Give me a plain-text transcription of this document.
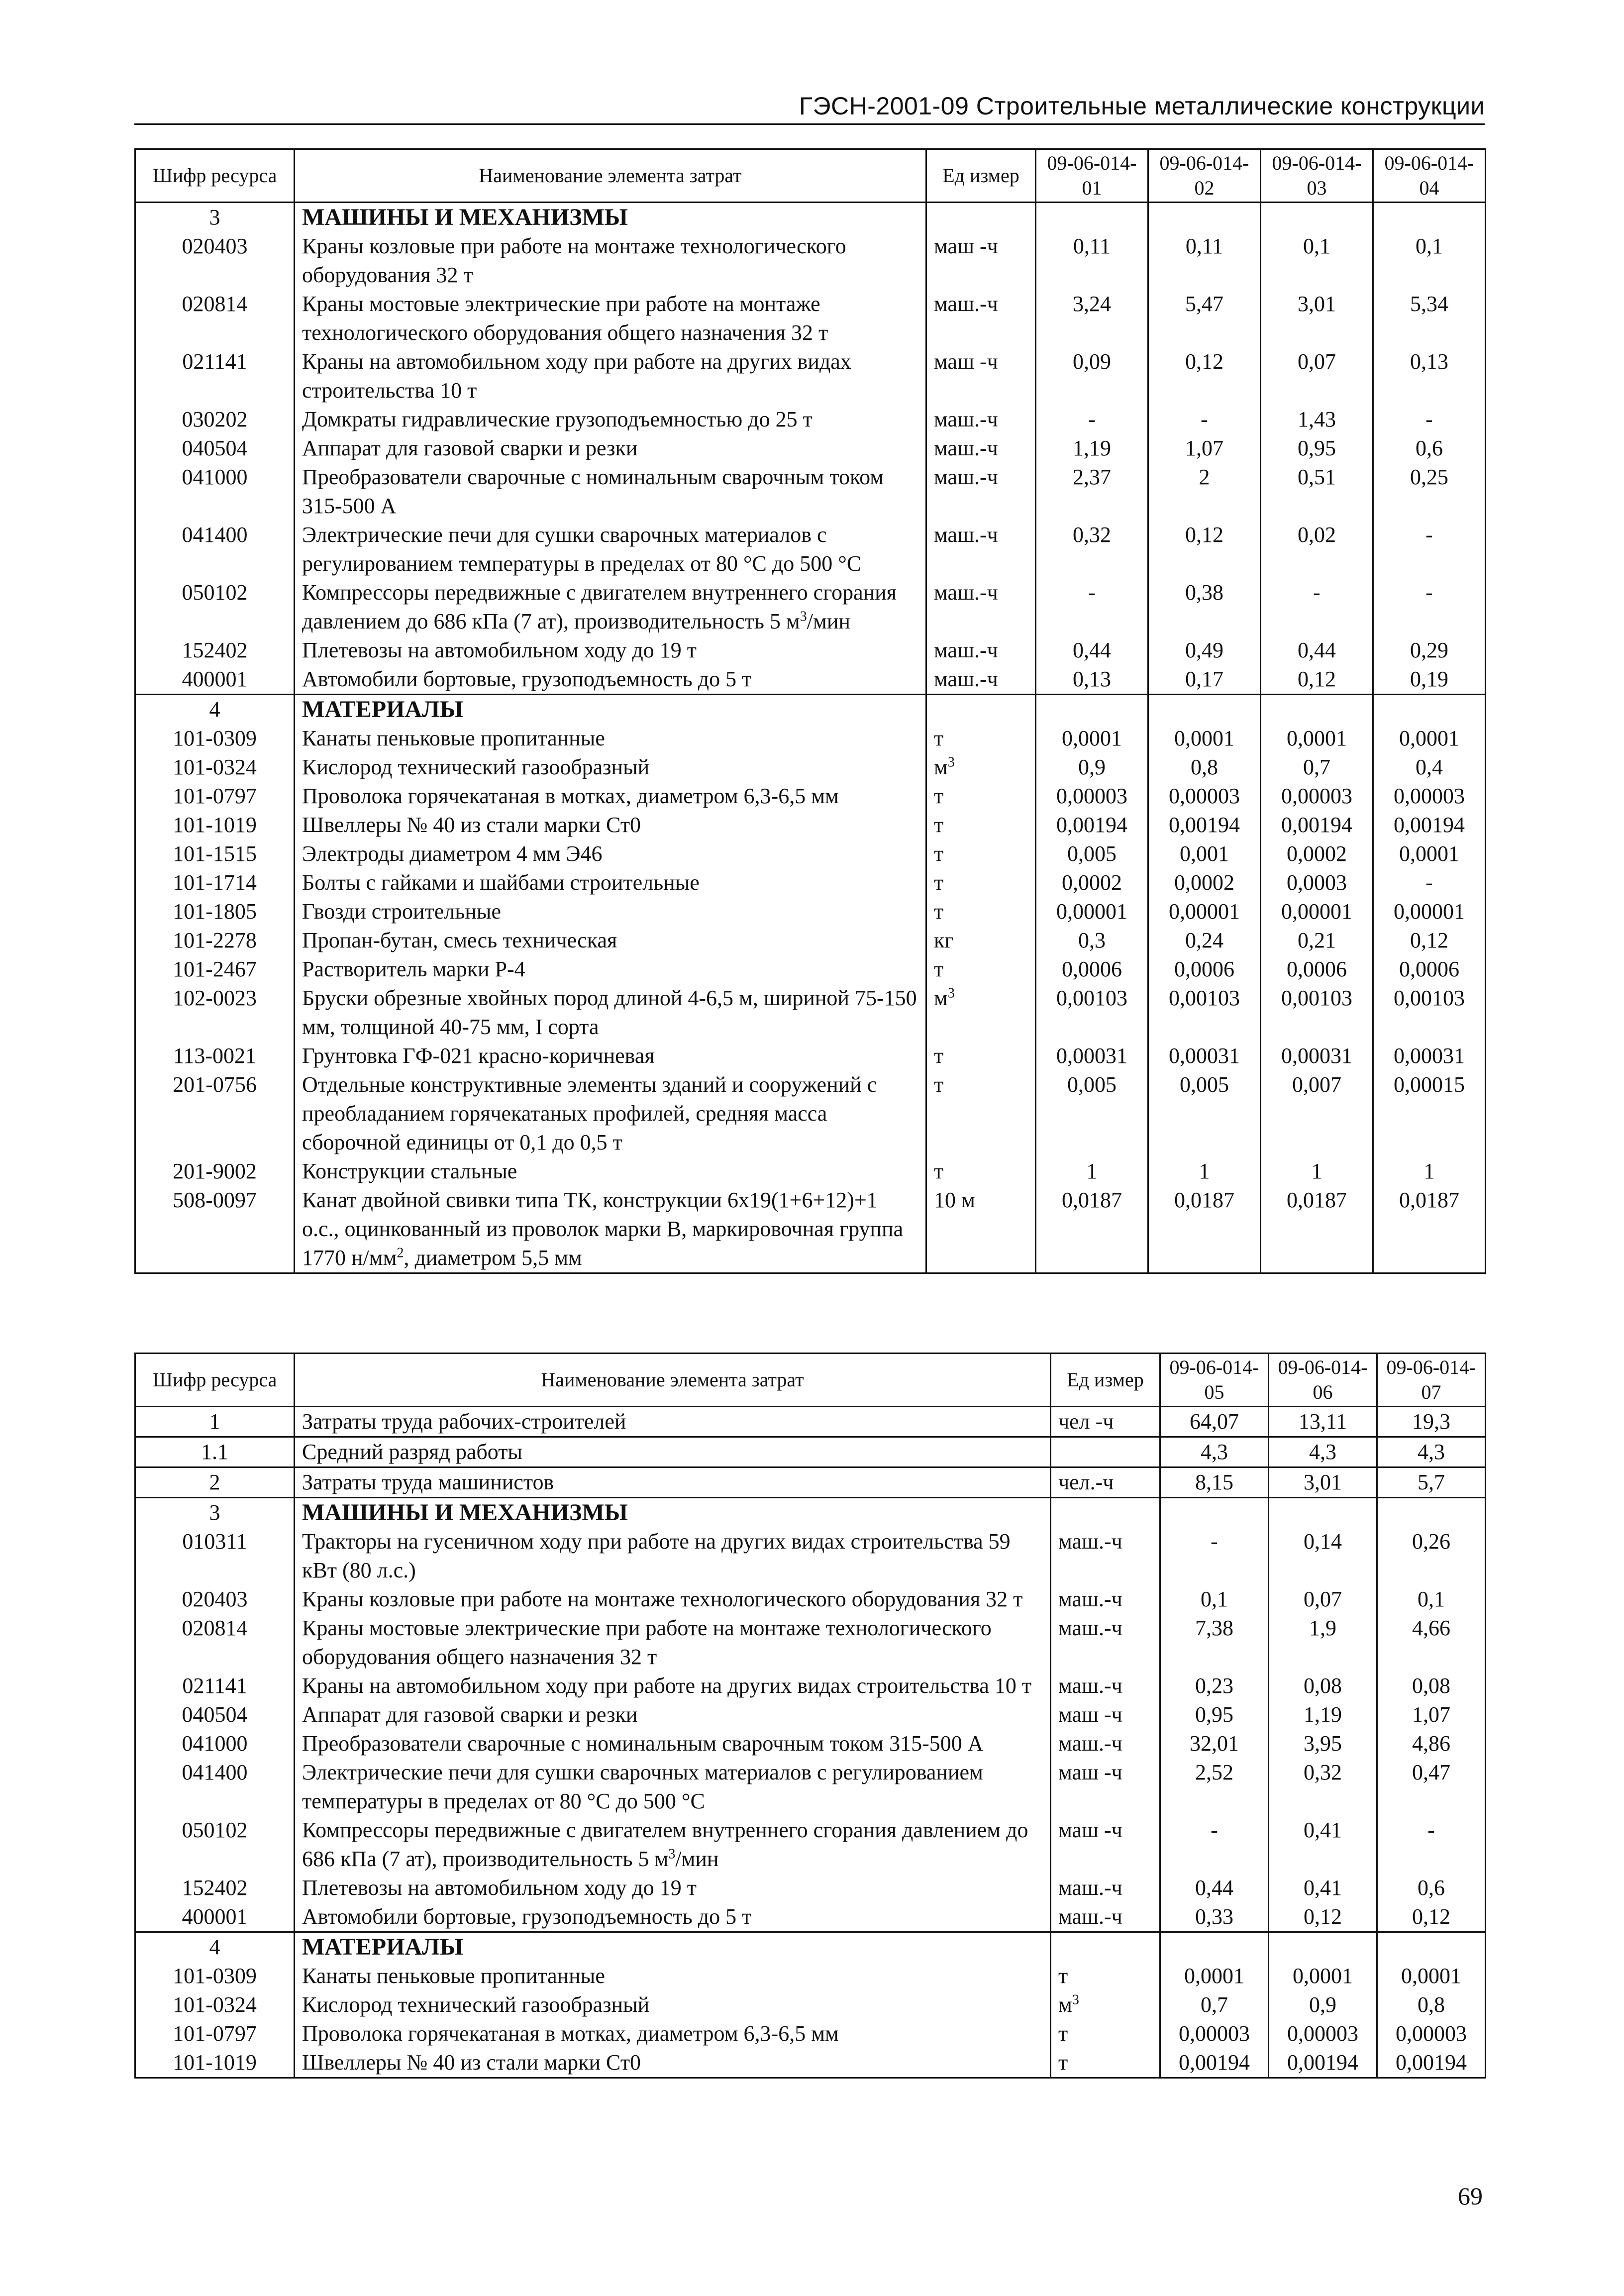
ГЭСН-2001-09 Строительные металлические конструкции
Шифр ресурса	Наименование элемента затрат	Ед измер	09-06-014-01	09-06-014-02	09-06-014-03	09-06-014-04
3	МАШИНЫ И МЕХАНИЗМЫ					
020403	Краны козловые при работе на монтаже технологического оборудования 32 т	маш -ч	0,11	0,11	0,1	0,1
020814	Краны мостовые электрические при работе на монтаже технологического оборудования общего назначения 32 т	маш.-ч	3,24	5,47	3,01	5,34
021141	Краны на автомобильном ходу при работе на других видах строительства 10 т	маш -ч	0,09	0,12	0,07	0,13
030202	Домкраты гидравлические грузоподъемностью до 25 т	маш.-ч	-	-	1,43	-
040504	Аппарат для газовой сварки и резки	маш.-ч	1,19	1,07	0,95	0,6
041000	Преобразователи сварочные с номинальным сварочным током 315-500 А	маш.-ч	2,37	2	0,51	0,25
041400	Электрические печи для сушки сварочных материалов с регулированием температуры в пределах от 80 °С до 500 °С	маш.-ч	0,32	0,12	0,02	-
050102	Компрессоры передвижные с двигателем внутреннего сгорания давлением до 686 кПа (7 ат), производительность 5 $м^3$/мин	маш.-ч	-	0,38	-	-
152402	Плетевозы на автомобильном ходу до 19 т	маш.-ч	0,44	0,49	0,44	0,29
400001	Автомобили бортовые, грузоподъемность до 5 т	маш.-ч	0,13	0,17	0,12	0,19
4	МАТЕРИАЛЫ					
101-0309	Канаты пеньковые пропитанные	т	0,0001	0,0001	0,0001	0,0001
101-0324	Кислород технический газообразный	$м^3$	0,9	0,8	0,7	0,4
101-0797	Проволока горячекатаная в мотках, диаметром 6,3-6,5 мм	т	0,00003	0,00003	0,00003	0,00003
101-1019	Швеллеры № 40 из стали марки Ст0	т	0,00194	0,00194	0,00194	0,00194
101-1515	Электроды диаметром 4 мм Э46	т	0,005	0,001	0,0002	0,0001
101-1714	Болты с гайками и шайбами строительные	т	0,0002	0,0002	0,0003	-
101-1805	Гвозди строительные	т	0,00001	0,00001	0,00001	0,00001
101-2278	Пропан-бутан, смесь техническая	кг	0,3	0,24	0,21	0,12
101-2467	Растворитель марки Р-4	т	0,0006	0,0006	0,0006	0,0006
102-0023	Бруски обрезные хвойных пород длиной 4-6,5 м, шириной 75-150 мм, толщиной 40-75 мм, I сорта	$м^3$	0,00103	0,00103	0,00103	0,00103
113-0021	Грунтовка ГФ-021 красно-коричневая	т	0,00031	0,00031	0,00031	0,00031
201-0756	Отдельные конструктивные элементы зданий и сооружений с преобладанием горячекатаных профилей, средняя масса сборочной единицы от 0,1 до 0,5 т	т	0,005	0,005	0,007	0,00015
201-9002	Конструкции стальные	т	1	1	1	1
508-0097	Канат двойной свивки типа ТК, конструкции 6х19(1+6+12)+1 о.с., оцинкованный из проволок марки В, маркировочная группа 1770 $н/мм^2$, диаметром 5,5 мм	10 м	0,0187	0,0187	0,0187	0,0187
Шифр ресурса	Наименование элемента затрат	Ед измер	09-06-014-05	09-06-014-06	09-06-014-07
1	Затраты труда рабочих-строителей	чел -ч	64,07	13,11	19,3
1.1	Средний разряд работы		4,3	4,3	4,3
2	Затраты труда машинистов	чел.-ч	8,15	3,01	5,7
3	МАШИНЫ И МЕХАНИЗМЫ				
010311	Тракторы на гусеничном ходу при работе на других видах строительства 59 кВт (80 л.с.)	маш.-ч	-	0,14	0,26
020403	Краны козловые при работе на монтаже технологического оборудования 32 т	маш.-ч	0,1	0,07	0,1
020814	Краны мостовые электрические при работе на монтаже технологического оборудования общего назначения 32 т	маш.-ч	7,38	1,9	4,66
021141	Краны на автомобильном ходу при работе на других видах строительства 10 т	маш.-ч	0,23	0,08	0,08
040504	Аппарат для газовой сварки и резки	маш -ч	0,95	1,19	1,07
041000	Преобразователи сварочные с номинальным сварочным током 315-500 А	маш.-ч	32,01	3,95	4,86
041400	Электрические печи для сушки сварочных материалов с регулированием температуры в пределах от 80 °С до 500 °С	маш -ч	2,52	0,32	0,47
050102	Компрессоры передвижные с двигателем внутреннего сгорания давлением до 686 кПа (7 ат), производительность 5 $м^3$/мин	маш -ч	-	0,41	-
152402	Плетевозы на автомобильном ходу до 19 т	маш.-ч	0,44	0,41	0,6
400001	Автомобили бортовые, грузоподъемность до 5 т	маш.-ч	0,33	0,12	0,12
4	МАТЕРИАЛЫ				
101-0309	Канаты пеньковые пропитанные	т	0,0001	0,0001	0,0001
101-0324	Кислород технический газообразный	$м^3$	0,7	0,9	0,8
101-0797	Проволока горячекатаная в мотках, диаметром 6,3-6,5 мм	т	0,00003	0,00003	0,00003
101-1019	Швеллеры № 40 из стали марки Ст0	т	0,00194	0,00194	0,00194
69
